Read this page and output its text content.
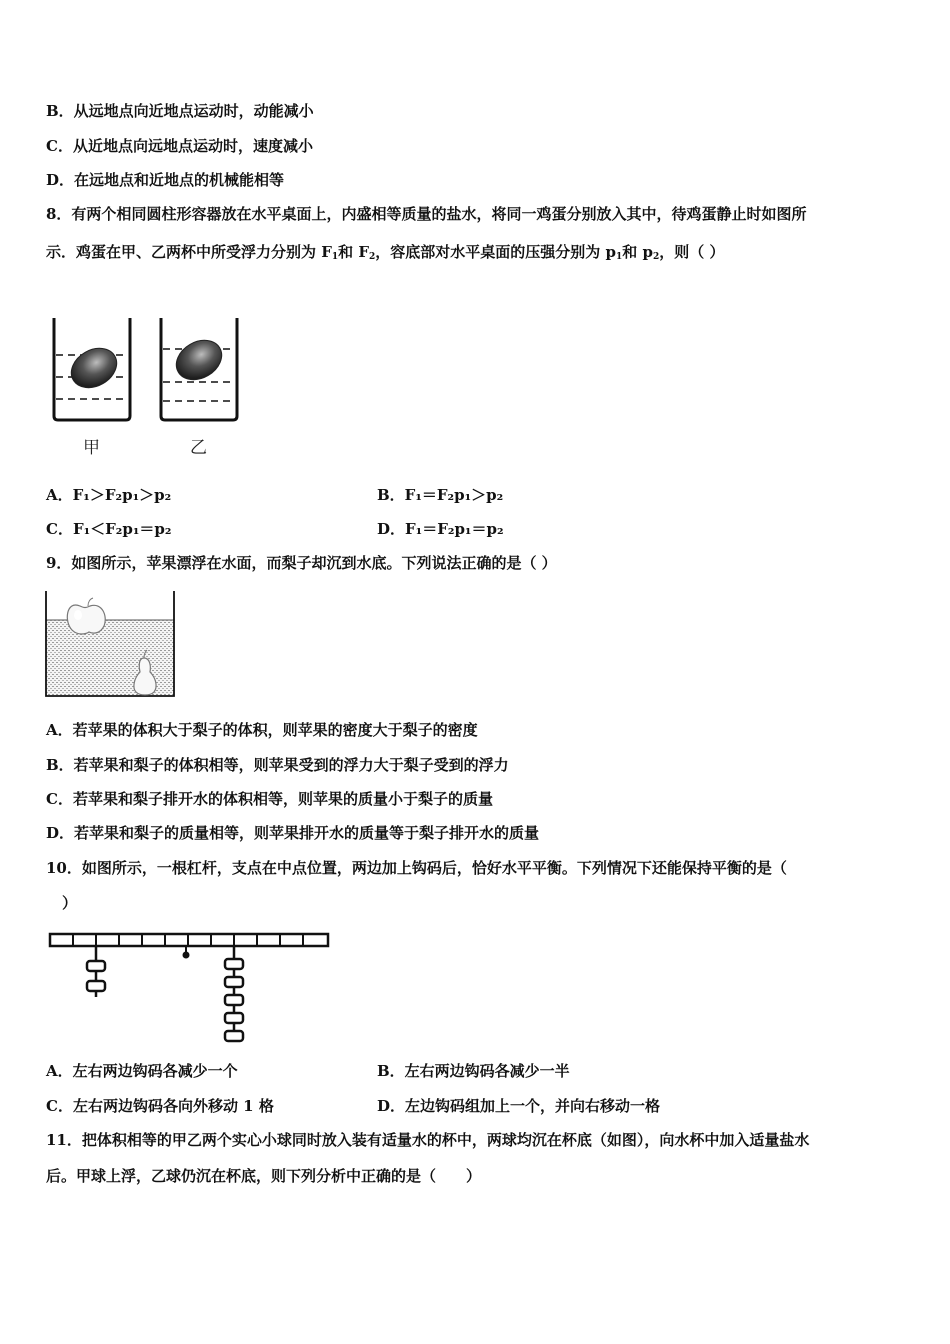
B．从远地点向近地点运动时，动能减小
C．从近地点向远地点运动时，速度减小
D．在远地点和近地点的机械能相等
8．有两个相同圆柱形容器放在水平桌面上，内盛相等质量的盐水，将同一鸡蛋分别放入其中，待鸡蛋静止时如图所
示．鸡蛋在甲、乙两杯中所受浮力分别为 $F_1$和 $F_2$，容底部对水平桌面的压强分别为 $p_1$和 $p_2$，则（ ）
甲	乙
A．F₁＞F₂p₁＞p₂	B．F₁＝F₂p₁＞p₂
C．F₁＜F₂p₁＝p₂	D．F₁＝F₂p₁＝p₂
9．如图所示，苹果漂浮在水面，而梨子却沉到水底。下列说法正确的是（ ）
A．若苹果的体积大于梨子的体积，则苹果的密度大于梨子的密度
B．若苹果和梨子的体积相等，则苹果受到的浮力大于梨子受到的浮力
C．若苹果和梨子排开水的体积相等，则苹果的质量小于梨子的质量
D．若苹果和梨子的质量相等，则苹果排开水的质量等于梨子排开水的质量
10．如图所示，一根杠杆，支点在中点位置，两边加上钩码后，恰好水平平衡。下列情况下还能保持平衡的是（
）
A．左右两边钩码各减少一个	B．左右两边钩码各减少一半
C．左右两边钩码各向外移动 1 格	D．左边钩码组加上一个，并向右移动一格
11．把体积相等的甲乙两个实心小球同时放入装有适量水的杯中，两球均沉在杯底（如图），向水杯中加入适量盐水
后。甲球上浮，乙球仍沉在杯底，则下列分析中正确的是（　　）
